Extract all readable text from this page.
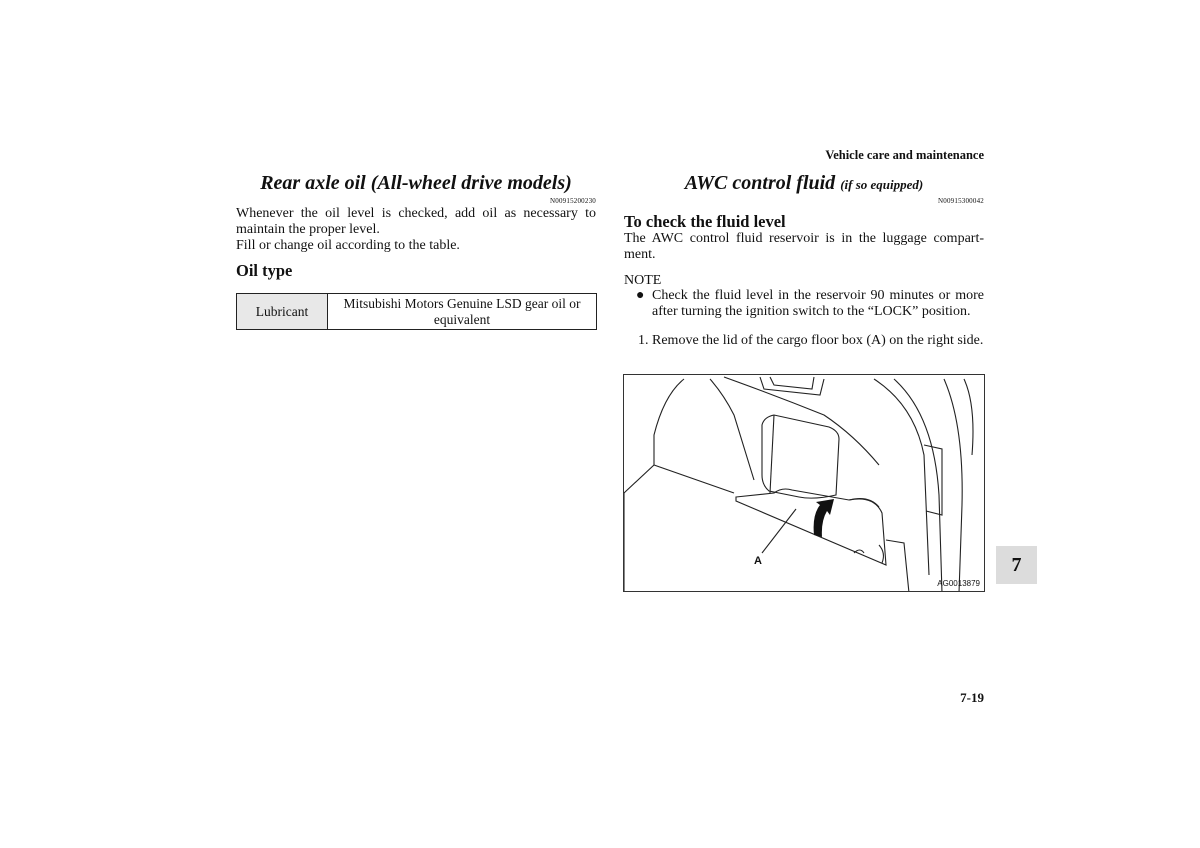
Vehicle care and maintenance
Rear axle oil (All-wheel drive models)
N00915200230
Whenever the oil level is checked, add oil as necessary to maintain the proper level.
Fill or change oil according to the table.
Oil type
Lubricant	Mitsubishi Motors Genuine LSD gear oil or equivalent
AWC control fluid (if so equipped)
N00915300042
To check the fluid level
The AWC control fluid reservoir is in the luggage compart-ment.
NOTE
● Check the fluid level in the reservoir 90 minutes or more after turning the ignition switch to the “LOCK” position.
1. Remove the lid of the cargo floor box (A) on the right side.
A
AG0013879
7
7-19
